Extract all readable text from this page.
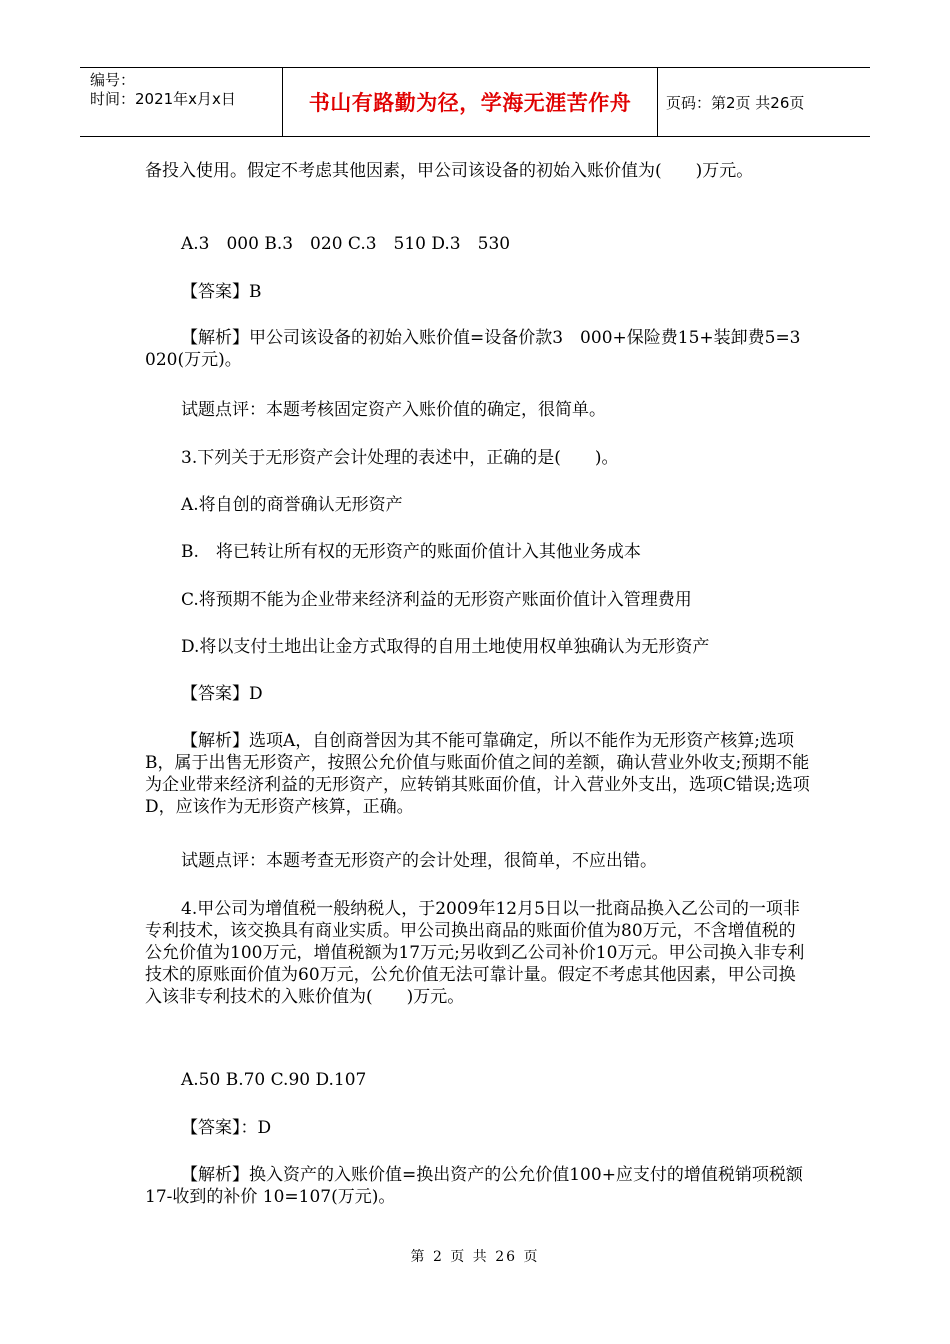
编号：
时间：2021年x月x日	书山有路勤为径，学海无涯苦作舟	页码：第2页 共26页

备投入使用。假定不考虑其他因素，甲公司该设备的初始入账价值为(　　)万元。

A.3　000 B.3　020 C.3　510 D.3　530

【答案】B

【解析】甲公司该设备的初始入账价值=设备价款3　000+保险费15+装卸费5=3　020(万元)。

试题点评：本题考核固定资产入账价值的确定，很简单。

3.下列关于无形资产会计处理的表述中，正确的是(　　)。

A.将自创的商誉确认无形资产

B.　将已转让所有权的无形资产的账面价值计入其他业务成本

C.将预期不能为企业带来经济利益的无形资产账面价值计入管理费用

D.将以支付土地出让金方式取得的自用土地使用权单独确认为无形资产

【答案】D

【解析】选项A，自创商誉因为其不能可靠确定，所以不能作为无形资产核算;选项B，属于出售无形资产，按照公允价值与账面价值之间的差额，确认营业外收支;预期不能为企业带来经济利益的无形资产，应转销其账面价值，计入营业外支出，选项C错误;选项D，应该作为无形资产核算，正确。

试题点评：本题考查无形资产的会计处理，很简单，不应出错。

4.甲公司为增值税一般纳税人，于2009年12月5日以一批商品换入乙公司的一项非专利技术，该交换具有商业实质。甲公司换出商品的账面价值为80万元，不含增值税的公允价值为100万元，增值税额为17万元;另收到乙公司补价10万元。甲公司换入非专利技术的原账面价值为60万元，公允价值无法可靠计量。假定不考虑其他因素，甲公司换入该非专利技术的入账价值为(　　)万元。

A.50 B.70 C.90 D.107

【答案】：D

【解析】换入资产的入账价值=换出资产的公允价值100+应支付的增值税销项税额17-收到的补价 10=107(万元)。

第 2 页 共 26 页
